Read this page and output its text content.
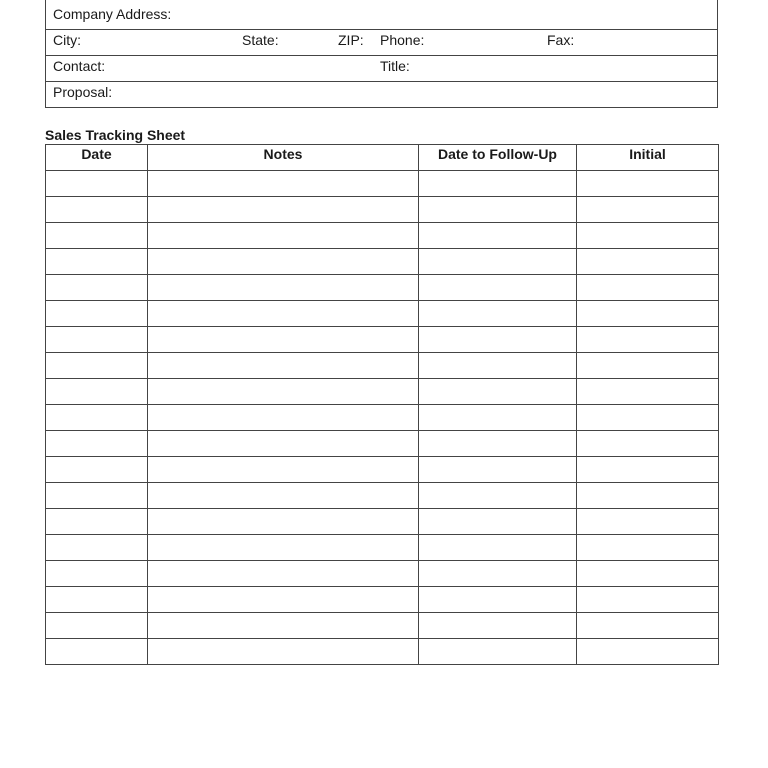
Company Address:
City:	State:	ZIP: Phone:	Fax:
Contact:	Title:
Proposal:
Sales Tracking Sheet
Date	Notes	Date to Follow-Up	Initial
